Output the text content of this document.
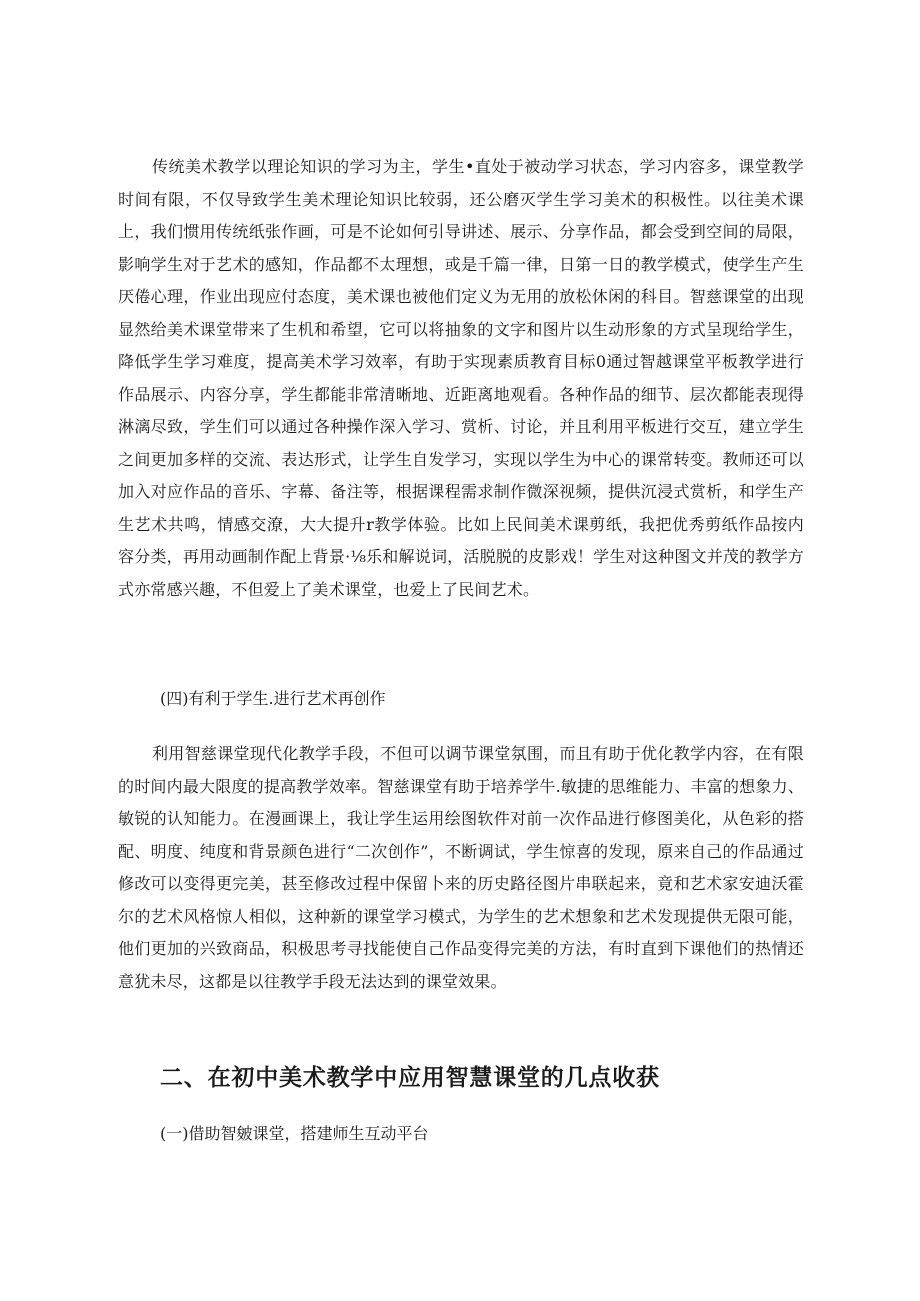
传统美术教学以理论知识的学习为主，学生•直处于被动学习状态，学习内容多，课堂教学时间有限，不仅导致学生美术理论知识比较弱，还公磨灭学生学习美术的积极性。以往美术课上，我们惯用传统纸张作画，可是不论如何引导讲述、展示、分享作品，都会受到空间的局限，影响学生对于艺术的感知，作品都不太理想，或是千篇一律，日第一日的教学模式，使学生产生厌倦心理，作业出现应付态度，美术课也被他们定义为无用的放松休闲的科目。智慈课堂的出现显然给美术课堂带来了生机和希望，它可以将抽象的文字和图片以生动形象的方式呈现给学生，降低学生学习难度，提高美术学习效率，有助于实现素质教育目标0通过智越课堂平板教学进行作品展示、内容分享，学生都能非常清晰地、近距离地观看。各种作品的细节、层次都能表现得淋漓尽致，学生们可以通过各种操作深入学习、赏析、讨论，并且利用平板进行交互，建立学生之间更加多样的交流、表达形式，让学生自发学习，实现以学生为中心的课常转变。教师还可以加入对应作品的音乐、字幕、备注等，根据课程需求制作微深视频，提供沉浸式赏析，和学生产生艺术共鸣，情感交潦，大大提升r教学体验。比如上民间美术课剪纸，我把优秀剪纸作品按内容分类，再用动画制作配上背景·⅛乐和解说词，活脱脱的皮影戏！学生对这种图文并茂的教学方式亦常感兴趣，不但爱上了美术课堂，也爱上了民间艺术。

(四)有利于学生.进行艺术再创作

利用智慈课堂现代化教学手段，不但可以调节课堂氛围，而且有助于优化教学内容，在有限的时间内最大限度的提高教学效率。智慈课堂有助于培养学牛.敏捷的思维能力、丰富的想象力、敏锐的认知能力。在漫画课上，我让学生运用绘图软件对前一次作品进行修图美化，从色彩的搭配、明度、纯度和背景颜色进行“二次创作”，不断调试，学生惊喜的发现，原来自己的作品通过修改可以变得更完美，甚至修改过程中保留卜来的历史路径图片串联起来，竟和艺术家安迪沃霍尔的艺术风格惊人相似，这种新的课堂学习模式，为学生的艺术想象和艺术发现提供无限可能，他们更加的兴致商品，积极思考寻找能使自己作品变得完美的方法，有时直到下课他们的热情还意犹未尽，这都是以往教学手段无法达到的课堂效果。

二、在初中美术教学中应用智慧课堂的几点收获

(一)借助智皴课堂，搭建师生互动平台
